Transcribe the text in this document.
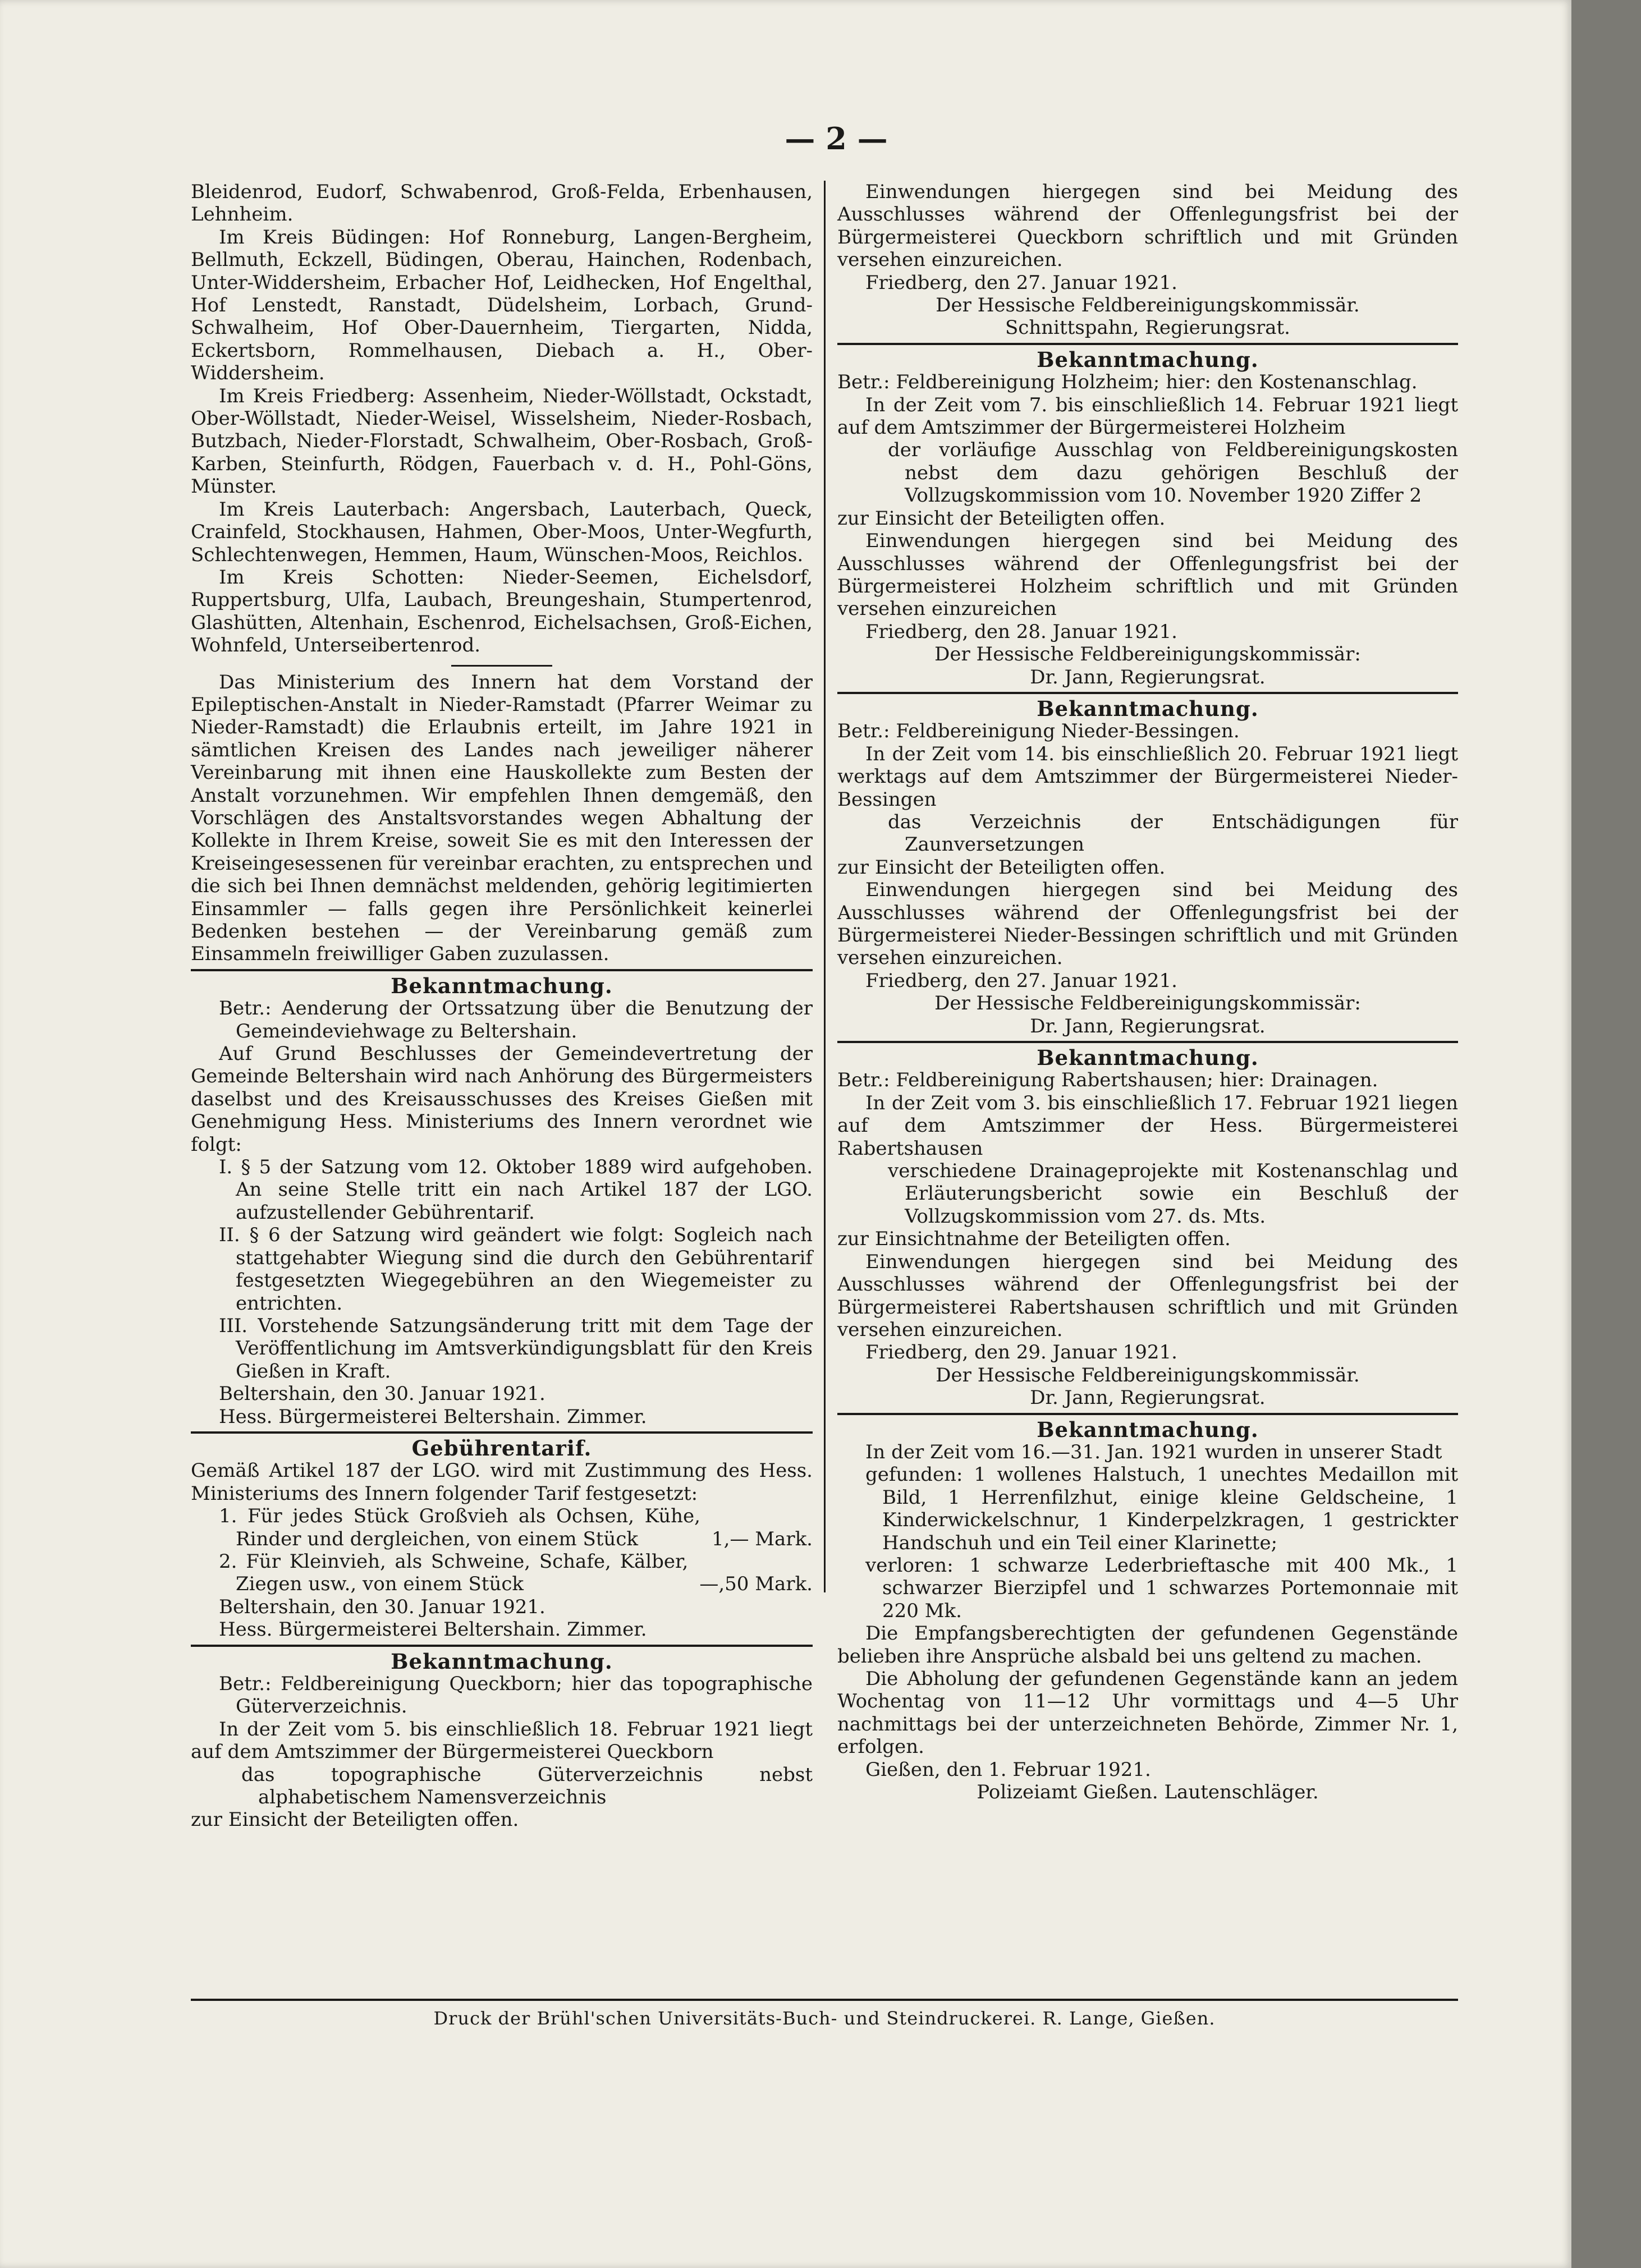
— 2 —

Bleidenrod, Eudorf, Schwabenrod, Groß-Felda, Erbenhausen, Lehnheim.

Im Kreis Büdingen: Hof Ronneburg, Langen-Bergheim, Bellmuth, Eckzell, Büdingen, Oberau, Hainchen, Rodenbach, Unter-Widdersheim, Erbacher Hof, Leidhecken, Hof Engelthal, Hof Lenstedt, Ranstadt, Düdelsheim, Lorbach, Grund-Schwalheim, Hof Ober-Dauernheim, Tiergarten, Nidda, Eckertsborn, Rommelhausen, Diebach a. H., Ober-Widdersheim.

Im Kreis Friedberg: Assenheim, Nieder-Wöllstadt, Ockstadt, Ober-Wöllstadt, Nieder-Weisel, Wisselsheim, Nieder-Rosbach, Butzbach, Nieder-Florstadt, Schwalheim, Ober-Rosbach, Groß-Karben, Steinfurth, Rödgen, Fauerbach v. d. H., Pohl-Göns, Münster.

Im Kreis Lauterbach: Angersbach, Lauterbach, Queck, Crainfeld, Stockhausen, Hahmen, Ober-Moos, Unter-Wegfurth, Schlechtenwegen, Hemmen, Haum, Wünschen-Moos, Reichlos.

Im Kreis Schotten: Nieder-Seemen, Eichelsdorf, Ruppertsburg, Ulfa, Laubach, Breungeshain, Stumpertenrod, Glashütten, Altenhain, Eschenrod, Eichelsachsen, Groß-Eichen, Wohnfeld, Unterseibertenrod.

Das Ministerium des Innern hat dem Vorstand der Epileptischen-Anstalt in Nieder-Ramstadt (Pfarrer Weimar zu Nieder-Ramstadt) die Erlaubnis erteilt, im Jahre 1921 in sämtlichen Kreisen des Landes nach jeweiliger näherer Vereinbarung mit ihnen eine Hauskollekte zum Besten der Anstalt vorzunehmen. Wir empfehlen Ihnen demgemäß, den Vorschlägen des Anstaltsvorstandes wegen Abhaltung der Kollekte in Ihrem Kreise, soweit Sie es mit den Interessen der Kreiseingesessenen für vereinbar erachten, zu entsprechen und die sich bei Ihnen demnächst meldenden, gehörig legitimierten Einsammler — falls gegen ihre Persönlichkeit keinerlei Bedenken bestehen — der Vereinbarung gemäß zum Einsammeln freiwilliger Gaben zuzulassen.

Bekanntmachung.

Betr.: Aenderung der Ortssatzung über die Benutzung der Gemeindeviehwage zu Beltershain.

Auf Grund Beschlusses der Gemeindevertretung der Gemeinde Beltershain wird nach Anhörung des Bürgermeisters daselbst und des Kreisausschusses des Kreises Gießen mit Genehmigung Hess. Ministeriums des Innern verordnet wie folgt:

I. § 5 der Satzung vom 12. Oktober 1889 wird aufgehoben. An seine Stelle tritt ein nach Artikel 187 der LGO. aufzustellender Gebührentarif.

II. § 6 der Satzung wird geändert wie folgt: Sogleich nach stattgehabter Wiegung sind die durch den Gebührentarif festgesetzten Wiegegebühren an den Wiegemeister zu entrichten.

III. Vorstehende Satzungsänderung tritt mit dem Tage der Veröffentlichung im Amtsverkündigungsblatt für den Kreis Gießen in Kraft.

Beltershain, den 30. Januar 1921.

Hess. Bürgermeisterei Beltershain. Zimmer.

Gebührentarif.

Gemäß Artikel 187 der LGO. wird mit Zustimmung des Hess. Ministeriums des Innern folgender Tarif festgesetzt:

1. Für jedes Stück Großvieh als Ochsen, Kühe, Rinder und dergleichen, von einem Stück	1,— Mark.
2. Für Kleinvieh, als Schweine, Schafe, Kälber, Ziegen usw., von einem Stück	—,50 Mark.

Beltershain, den 30. Januar 1921.

Hess. Bürgermeisterei Beltershain. Zimmer.

Bekanntmachung.

Betr.: Feldbereinigung Queckborn; hier das topographische Güterverzeichnis.

In der Zeit vom 5. bis einschließlich 18. Februar 1921 liegt auf dem Amtszimmer der Bürgermeisterei Queckborn

das topographische Güterverzeichnis nebst alphabetischem Namensverzeichnis

zur Einsicht der Beteiligten offen.

Einwendungen hiergegen sind bei Meidung des Ausschlusses während der Offenlegungsfrist bei der Bürgermeisterei Queckborn schriftlich und mit Gründen versehen einzureichen.

Friedberg, den 27. Januar 1921.

Der Hessische Feldbereinigungskommissär.

Schnittspahn, Regierungsrat.

Bekanntmachung.

Betr.: Feldbereinigung Holzheim; hier: den Kostenanschlag.

In der Zeit vom 7. bis einschließlich 14. Februar 1921 liegt auf dem Amtszimmer der Bürgermeisterei Holzheim

der vorläufige Ausschlag von Feldbereinigungskosten nebst dem dazu gehörigen Beschluß der Vollzugskommission vom 10. November 1920 Ziffer 2

zur Einsicht der Beteiligten offen.

Einwendungen hiergegen sind bei Meidung des Ausschlusses während der Offenlegungsfrist bei der Bürgermeisterei Holzheim schriftlich und mit Gründen versehen einzureichen

Friedberg, den 28. Januar 1921.

Der Hessische Feldbereinigungskommissär:

Dr. Jann, Regierungsrat.

Bekanntmachung.

Betr.: Feldbereinigung Nieder-Bessingen.

In der Zeit vom 14. bis einschließlich 20. Februar 1921 liegt werktags auf dem Amtszimmer der Bürgermeisterei Nieder-Bessingen

das Verzeichnis der Entschädigungen für Zaunversetzungen

zur Einsicht der Beteiligten offen.

Einwendungen hiergegen sind bei Meidung des Ausschlusses während der Offenlegungsfrist bei der Bürgermeisterei Nieder-Bessingen schriftlich und mit Gründen versehen einzureichen.

Friedberg, den 27. Januar 1921.

Der Hessische Feldbereinigungskommissär:

Dr. Jann, Regierungsrat.

Bekanntmachung.

Betr.: Feldbereinigung Rabertshausen; hier: Drainagen.

In der Zeit vom 3. bis einschließlich 17. Februar 1921 liegen auf dem Amtszimmer der Hess. Bürgermeisterei Rabertshausen

verschiedene Drainageprojekte mit Kostenanschlag und Erläuterungsbericht sowie ein Beschluß der Vollzugskommission vom 27. ds. Mts.

zur Einsichtnahme der Beteiligten offen.

Einwendungen hiergegen sind bei Meidung des Ausschlusses während der Offenlegungsfrist bei der Bürgermeisterei Rabertshausen schriftlich und mit Gründen versehen einzureichen.

Friedberg, den 29. Januar 1921.

Der Hessische Feldbereinigungskommissär.

Dr. Jann, Regierungsrat.

Bekanntmachung.

In der Zeit vom 16.—31. Jan. 1921 wurden in unserer Stadt

gefunden: 1 wollenes Halstuch, 1 unechtes Medaillon mit Bild, 1 Herrenfilzhut, einige kleine Geldscheine, 1 Kinderwickelschnur, 1 Kinderpelzkragen, 1 gestrickter Handschuh und ein Teil einer Klarinette;

verloren: 1 schwarze Lederbrieftasche mit 400 Mk., 1 schwarzer Bierzipfel und 1 schwarzes Portemonnaie mit 220 Mk.

Die Empfangsberechtigten der gefundenen Gegenstände belieben ihre Ansprüche alsbald bei uns geltend zu machen.

Die Abholung der gefundenen Gegenstände kann an jedem Wochentag von 11—12 Uhr vormittags und 4—5 Uhr nachmittags bei der unterzeichneten Behörde, Zimmer Nr. 1, erfolgen.

Gießen, den 1. Februar 1921.

Polizeiamt Gießen. Lautenschläger.

Druck der Brühl'schen Universitäts-Buch- und Steindruckerei. R. Lange, Gießen.
